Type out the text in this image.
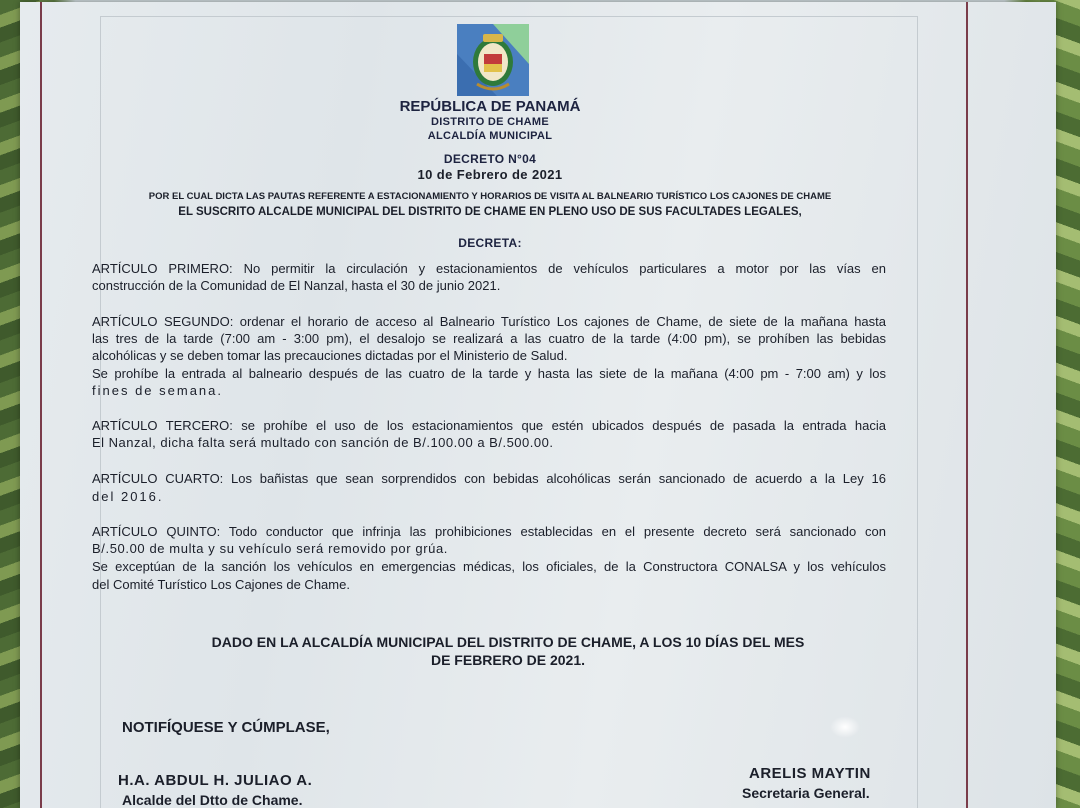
REPÚBLICA DE PANAMÁ
DISTRITO DE CHAME
ALCALDÍA MUNICIPAL
DECRETO N°04
10 de Febrero de 2021
POR EL CUAL DICTA LAS PAUTAS REFERENTE A ESTACIONAMIENTO Y HORARIOS DE VISITA AL BALNEARIO TURÍSTICO LOS CAJONES DE CHAME
EL SUSCRITO ALCALDE MUNICIPAL DEL DISTRITO DE CHAME EN PLENO USO DE SUS FACULTADES LEGALES,
DECRETA:
ARTÍCULO PRIMERO: No permitir la circulación y estacionamientos de vehículos particulares a motor por las vías en
construcción de la Comunidad de El Nanzal, hasta el 30 de junio 2021.
ARTÍCULO SEGUNDO: ordenar el horario de acceso al Balneario Turístico Los cajones de Chame, de siete de la mañana hasta
las tres de la tarde (7:00 am - 3:00 pm), el desalojo se realizará a las cuatro de la tarde (4:00 pm), se prohíben las bebidas
alcohólicas y se deben tomar las precauciones dictadas por el Ministerio de Salud.
Se prohíbe la entrada al balneario después de las cuatro de la tarde y hasta las siete de la mañana (4:00 pm - 7:00 am) y los
fines de semana.
ARTÍCULO TERCERO: se prohíbe el uso de los estacionamientos que estén ubicados después de pasada la entrada hacia
El Nanzal, dicha falta será multado con sanción de B/.100.00 a B/.500.00.
ARTÍCULO CUARTO: Los bañistas que sean sorprendidos con bebidas alcohólicas serán sancionado de acuerdo a la Ley 16
del 2016.
ARTÍCULO QUINTO: Todo conductor que infrinja las prohibiciones establecidas en el presente decreto será sancionado con
B/.50.00 de multa y su vehículo será removido por grúa.
Se exceptúan de la sanción los vehículos en emergencias médicas, los oficiales, de la Constructora CONALSA y los vehículos
del Comité Turístico Los Cajones de Chame.
DADO EN LA ALCALDÍA MUNICIPAL DEL DISTRITO DE CHAME, A LOS 10 DÍAS DEL MES
DE FEBRERO DE 2021.
NOTIFÍQUESE Y CÚMPLASE,
H.A. ABDUL H. JULIAO A.
Alcalde del Dtto de Chame.
ARELIS MAYTIN
Secretaria General.
